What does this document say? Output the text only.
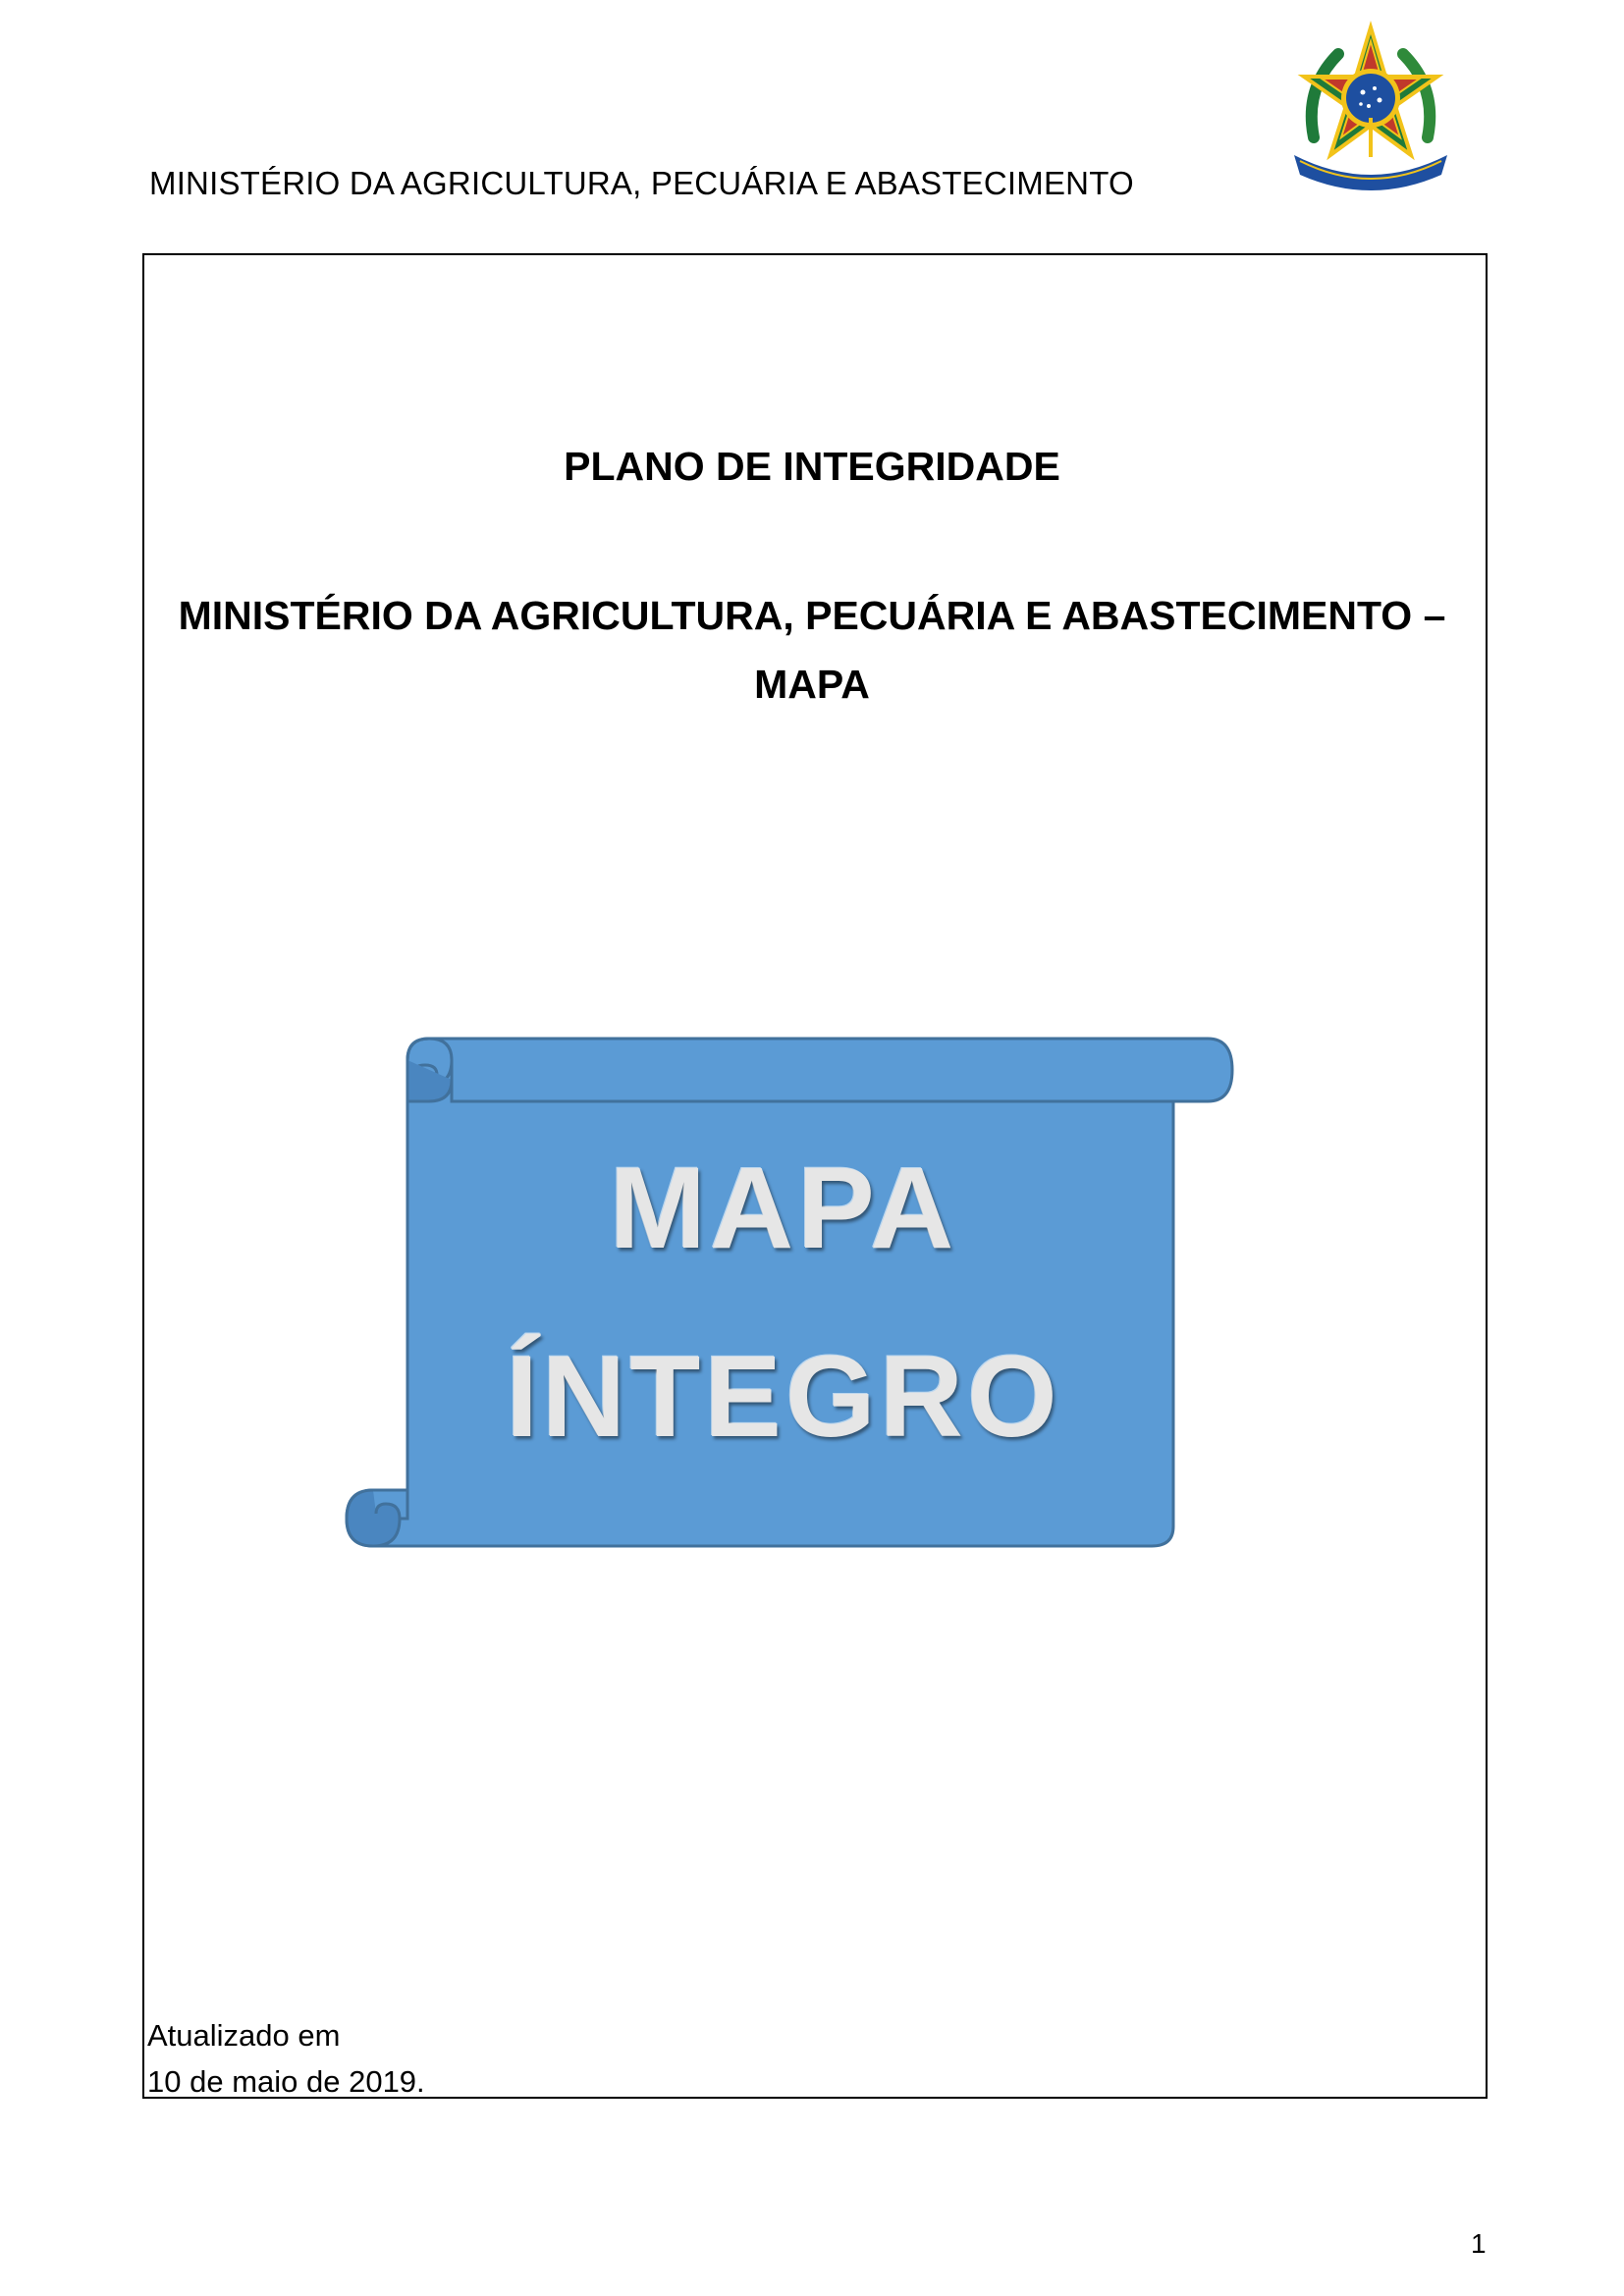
MINISTÉRIO DA AGRICULTURA, PECUÁRIA E ABASTECIMENTO
PLANO DE INTEGRIDADE
MINISTÉRIO DA AGRICULTURA, PECUÁRIA E ABASTECIMENTO –
MAPA
MAPA
ÍNTEGRO
Atualizado em
10 de maio de 2019.
1
